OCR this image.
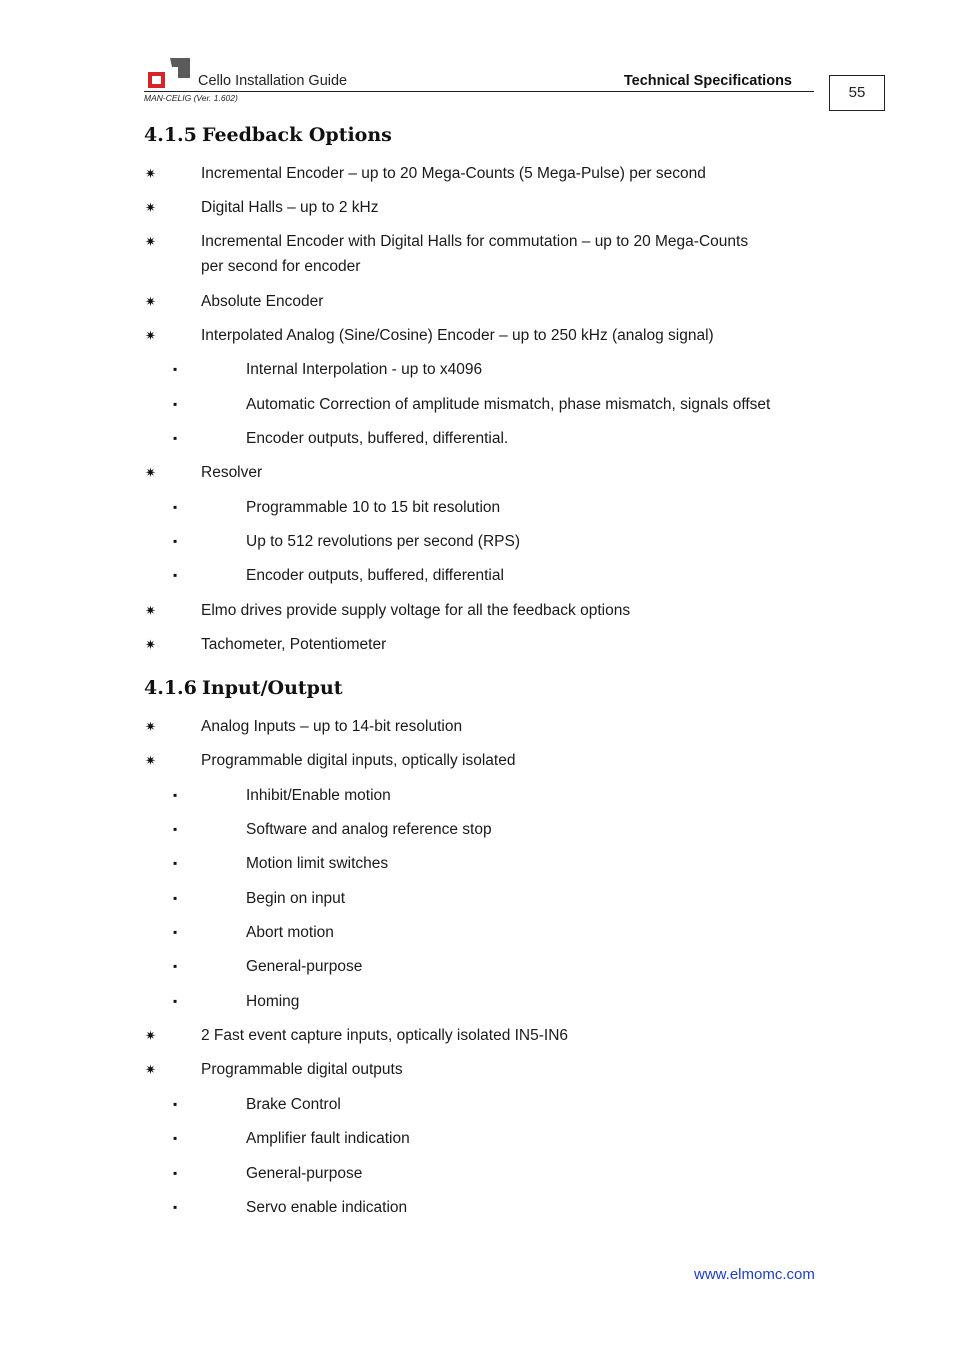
Cello Installation Guide	Technical Specifications
MAN-CELIG (Ver. 1.602)	55
4.1.5 Feedback Options
✷	Incremental Encoder – up to 20 Mega-Counts (5 Mega-Pulse) per second
✷	Digital Halls – up to 2 kHz
✷	Incremental Encoder with Digital Halls for commutation – up to 20 Mega-Counts per second for encoder
✷	Absolute Encoder
✷	Interpolated Analog (Sine/Cosine) Encoder – up to 250 kHz (analog signal)
▪	Internal Interpolation - up to x4096
▪	Automatic Correction of amplitude mismatch, phase mismatch, signals offset
▪	Encoder outputs, buffered, differential.
✷	Resolver
▪	Programmable 10 to 15 bit resolution
▪	Up to 512 revolutions per second (RPS)
▪	Encoder outputs, buffered, differential
✷	Elmo drives provide supply voltage for all the feedback options
✷	Tachometer, Potentiometer
4.1.6 Input/Output
✷	Analog Inputs – up to 14-bit resolution
✷	Programmable digital inputs, optically isolated
▪	Inhibit/Enable motion
▪	Software and analog reference stop
▪	Motion limit switches
▪	Begin on input
▪	Abort motion
▪	General-purpose
▪	Homing
✷	2 Fast event capture inputs, optically isolated IN5-IN6
✷	Programmable digital outputs
▪	Brake Control
▪	Amplifier fault indication
▪	General-purpose
▪	Servo enable indication
www.elmomc.com
